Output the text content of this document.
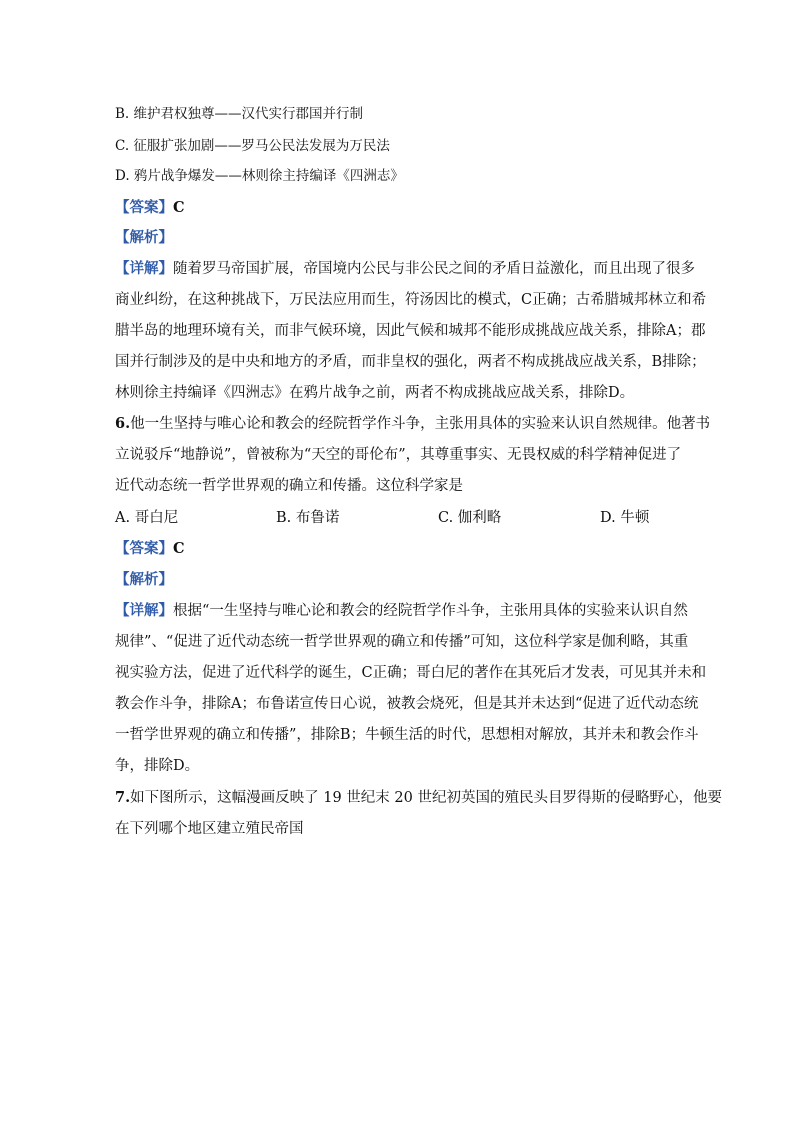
B. 维护君权独尊——汉代实行郡国并行制
C. 征服扩张加剧——罗马公民法发展为万民法
D. 鸦片战争爆发——林则徐主持编译《四洲志》
【答案】C
【解析】
【详解】随着罗马帝国扩展，帝国境内公民与非公民之间的矛盾日益激化，而且出现了很多
商业纠纷，在这种挑战下，万民法应用而生，符汤因比的模式，C正确；古希腊城邦林立和希
腊半岛的地理环境有关，而非气候环境，因此气候和城邦不能形成挑战应战关系，排除A；郡
国并行制涉及的是中央和地方的矛盾，而非皇权的强化，两者不构成挑战应战关系，B排除；
林则徐主持编译《四洲志》在鸦片战争之前，两者不构成挑战应战关系，排除D。
6.他一生坚持与唯心论和教会的经院哲学作斗争，主张用具体的实验来认识自然规律。他著书
立说驳斥“地静说”，曾被称为“天空的哥伦布”，其尊重事实、无畏权威的科学精神促进了
近代动态统一哲学世界观的确立和传播。这位科学家是
A. 哥白尼	B. 布鲁诺	C. 伽利略	D. 牛顿
【答案】C
【解析】
【详解】根据“一生坚持与唯心论和教会的经院哲学作斗争，主张用具体的实验来认识自然
规律”、“促进了近代动态统一哲学世界观的确立和传播”可知，这位科学家是伽利略，其重
视实验方法，促进了近代科学的诞生，C正确；哥白尼的著作在其死后才发表，可见其并未和
教会作斗争，排除A；布鲁诺宣传日心说，被教会烧死，但是其并未达到“促进了近代动态统
一哲学世界观的确立和传播”，排除B；牛顿生活的时代，思想相对解放，其并未和教会作斗
争，排除D。
7.如下图所示，这幅漫画反映了 19 世纪末 20 世纪初英国的殖民头目罗得斯的侵略野心，他要
在下列哪个地区建立殖民帝国
